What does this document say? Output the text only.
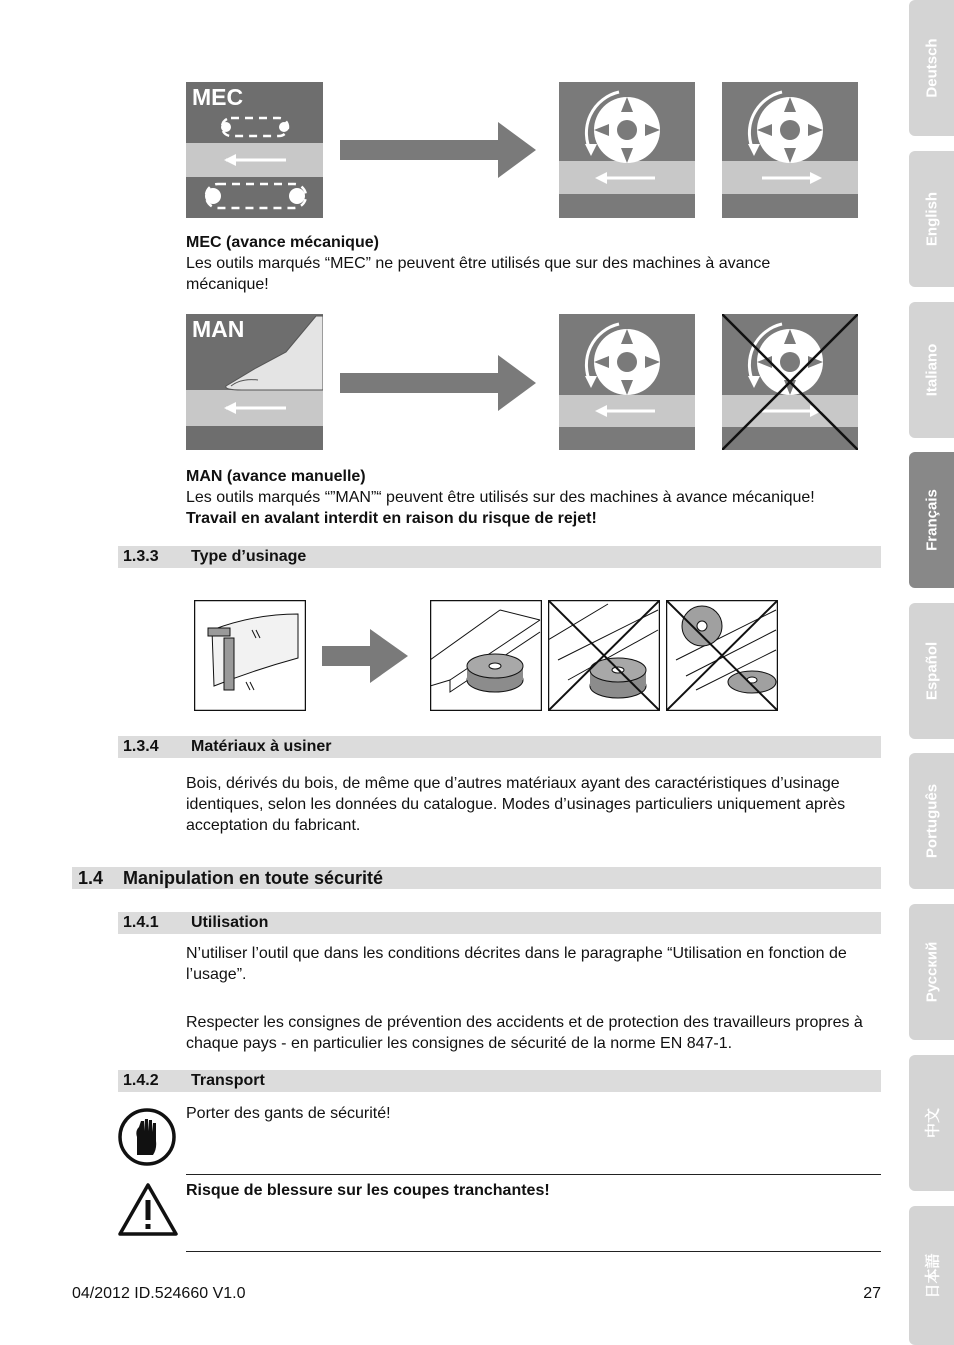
Deutsch
English
Italiano
Français
Español
Português
Русский
中文
日本語
MEC
MEC (avance mécanique)
Les outils marqués “MEC” ne peuvent être utilisés que sur des machines à avance mécanique!
MAN
MAN (avance manuelle)
Les outils marqués “”MAN”“ peuvent être utilisés sur des machines à avance mécanique!
Travail en avalant interdit en raison du risque de rejet!
1.3.3 Type d’usinage
1.3.4 Matériaux à usiner
Bois, dérivés du bois, de même que d’autres matériaux ayant des caractéristiques d’usinage identiques, selon les données du catalogue. Modes d’usinages particuliers uniquement après acceptation du fabricant.
1.4 Manipulation en toute sécurité
1.4.1 Utilisation
N’utiliser l’outil que dans les conditions décrites dans le paragraphe “Utilisation en fonction de l’usage”.
Respecter les consignes de prévention des accidents et de protection des travailleurs propres à chaque pays - en particulier les consignes de sécurité de la norme EN 847-1.
1.4.2 Transport
Porter des gants de sécurité!
Risque de blessure sur les coupes tranchantes!
04/2012 ID.524660 V1.0	27
